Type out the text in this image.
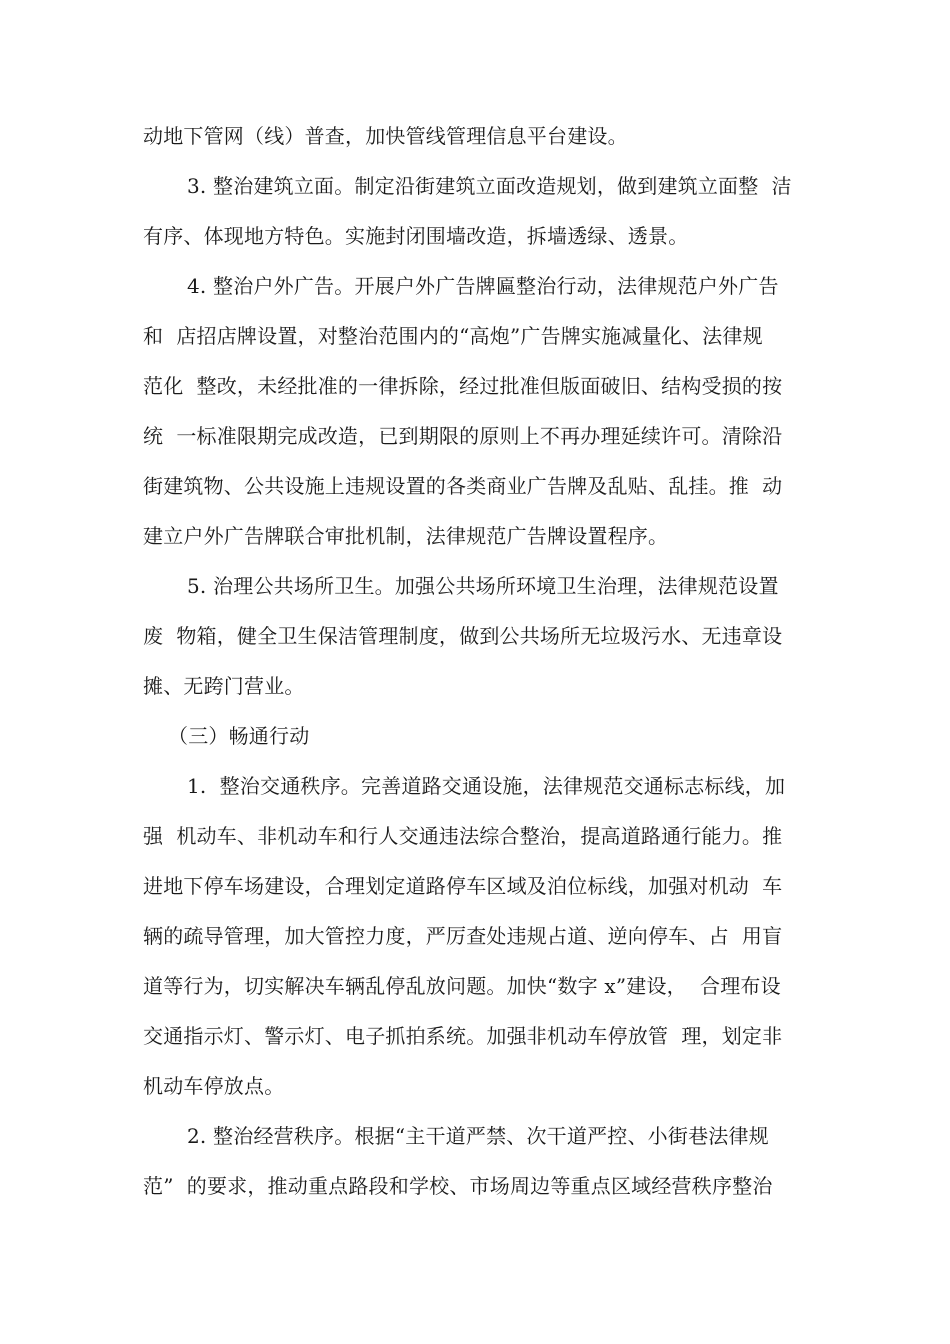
动地下管网（线）普查，加快管线管理信息平台建设。
3. 整治建筑立面。制定沿街建筑立面改造规划，做到建筑立面整  洁
有序、体现地方特色。实施封闭围墙改造，拆墙透绿、透景。
4. 整治户外广告。开展户外广告牌匾整治行动，法律规范户外广告
和  店招店牌设置，对整治范围内的“高炮”广告牌实施减量化、法律规
范化  整改，未经批准的一律拆除，经过批准但版面破旧、结构受损的按
统  一标准限期完成改造，已到期限的原则上不再办理延续许可。清除沿
街建筑物、公共设施上违规设置的各类商业广告牌及乱贴、乱挂。推  动
建立户外广告牌联合审批机制，法律规范广告牌设置程序。
5. 治理公共场所卫生。加强公共场所环境卫生治理，法律规范设置
废  物箱，健全卫生保洁管理制度，做到公共场所无垃圾污水、无违章设
摊、无跨门营业。
（三）畅通行动
1.  整治交通秩序。完善道路交通设施，法律规范交通标志标线，加
强  机动车、非机动车和行人交通违法综合整治，提高道路通行能力。推
进地下停车场建设，合理划定道路停车区域及泊位标线，加强对机动  车
辆的疏导管理，加大管控力度，严厉查处违规占道、逆向停车、占  用盲
道等行为，切实解决车辆乱停乱放问题。加快“数字 x”建设，  合理布设
交通指示灯、警示灯、电子抓拍系统。加强非机动车停放管  理，划定非
机动车停放点。
2. 整治经营秩序。根据“主干道严禁、次干道严控、小街巷法律规
范”  的要求，推动重点路段和学校、市场周边等重点区域经营秩序整治
